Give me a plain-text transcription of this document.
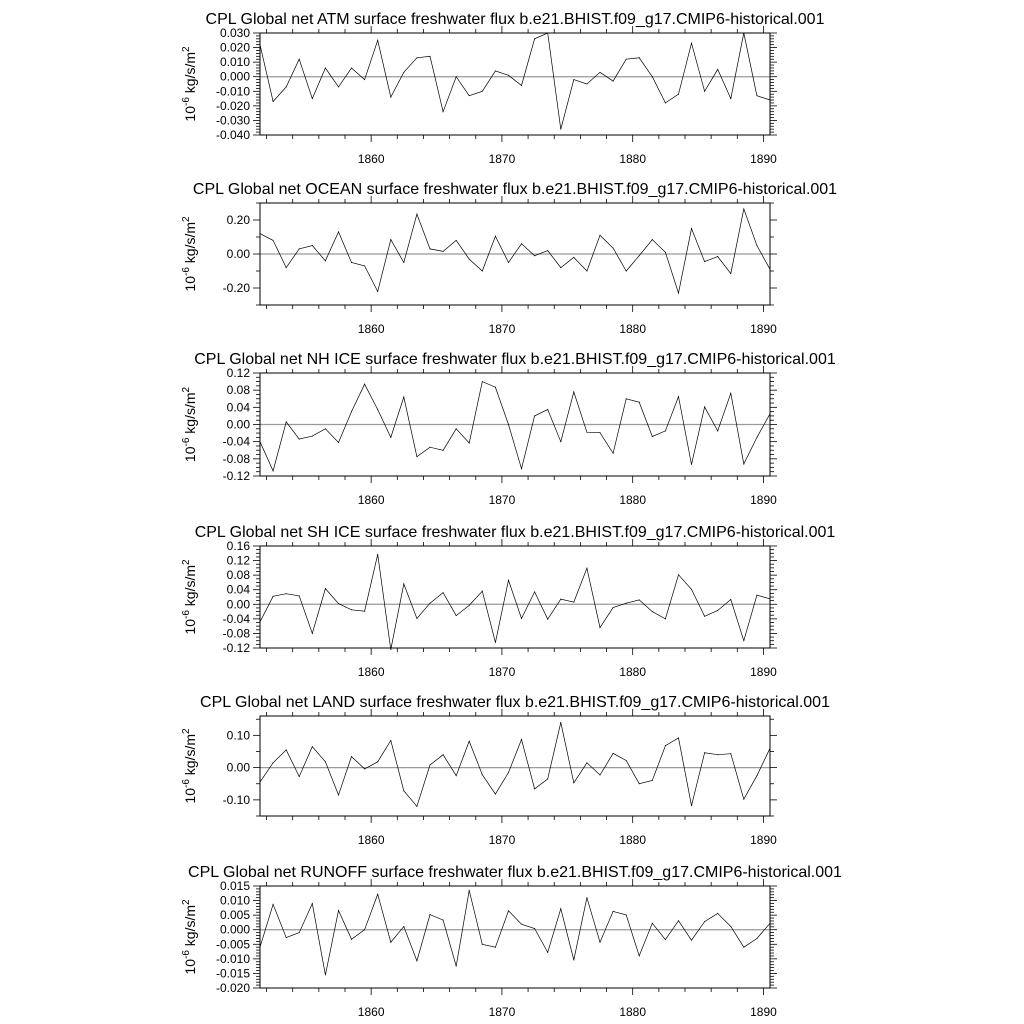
CPL Global net ATM surface freshwater flux b.e21.BHIST.f09_g17.CMIP6-historical.001
$10^{-6}$ $kg/s/m^2$
1860	1870	1880	1890
0.030
0.020
0.010
0.000
-0.010
-0.020
-0.030
-0.040
CPL Global net OCEAN surface freshwater flux b.e21.BHIST.f09_g17.CMIP6-historical.001
$10^{-6}$ $kg/s/m^2$
1860	1870	1880	1890
0.20
0.00
-0.20
CPL Global net NH ICE surface freshwater flux b.e21.BHIST.f09_g17.CMIP6-historical.001
$10^{-6}$ $kg/s/m^2$
1860	1870	1880	1890
0.12
0.08
0.04
0.00
-0.04
-0.08
-0.12
CPL Global net SH ICE surface freshwater flux b.e21.BHIST.f09_g17.CMIP6-historical.001
$10^{-6}$ $kg/s/m^2$
1860	1870	1880	1890
0.16
0.12
0.08
0.04
0.00
-0.04
-0.08
-0.12
CPL Global net LAND surface freshwater flux b.e21.BHIST.f09_g17.CMIP6-historical.001
$10^{-6}$ $kg/s/m^2$
1860	1870	1880	1890
0.10
0.00
-0.10
CPL Global net RUNOFF surface freshwater flux b.e21.BHIST.f09_g17.CMIP6-historical.001
$10^{-6}$ $kg/s/m^2$
1860	1870	1880	1890
0.015
0.010
0.005
0.000
-0.005
-0.010
-0.015
-0.020
